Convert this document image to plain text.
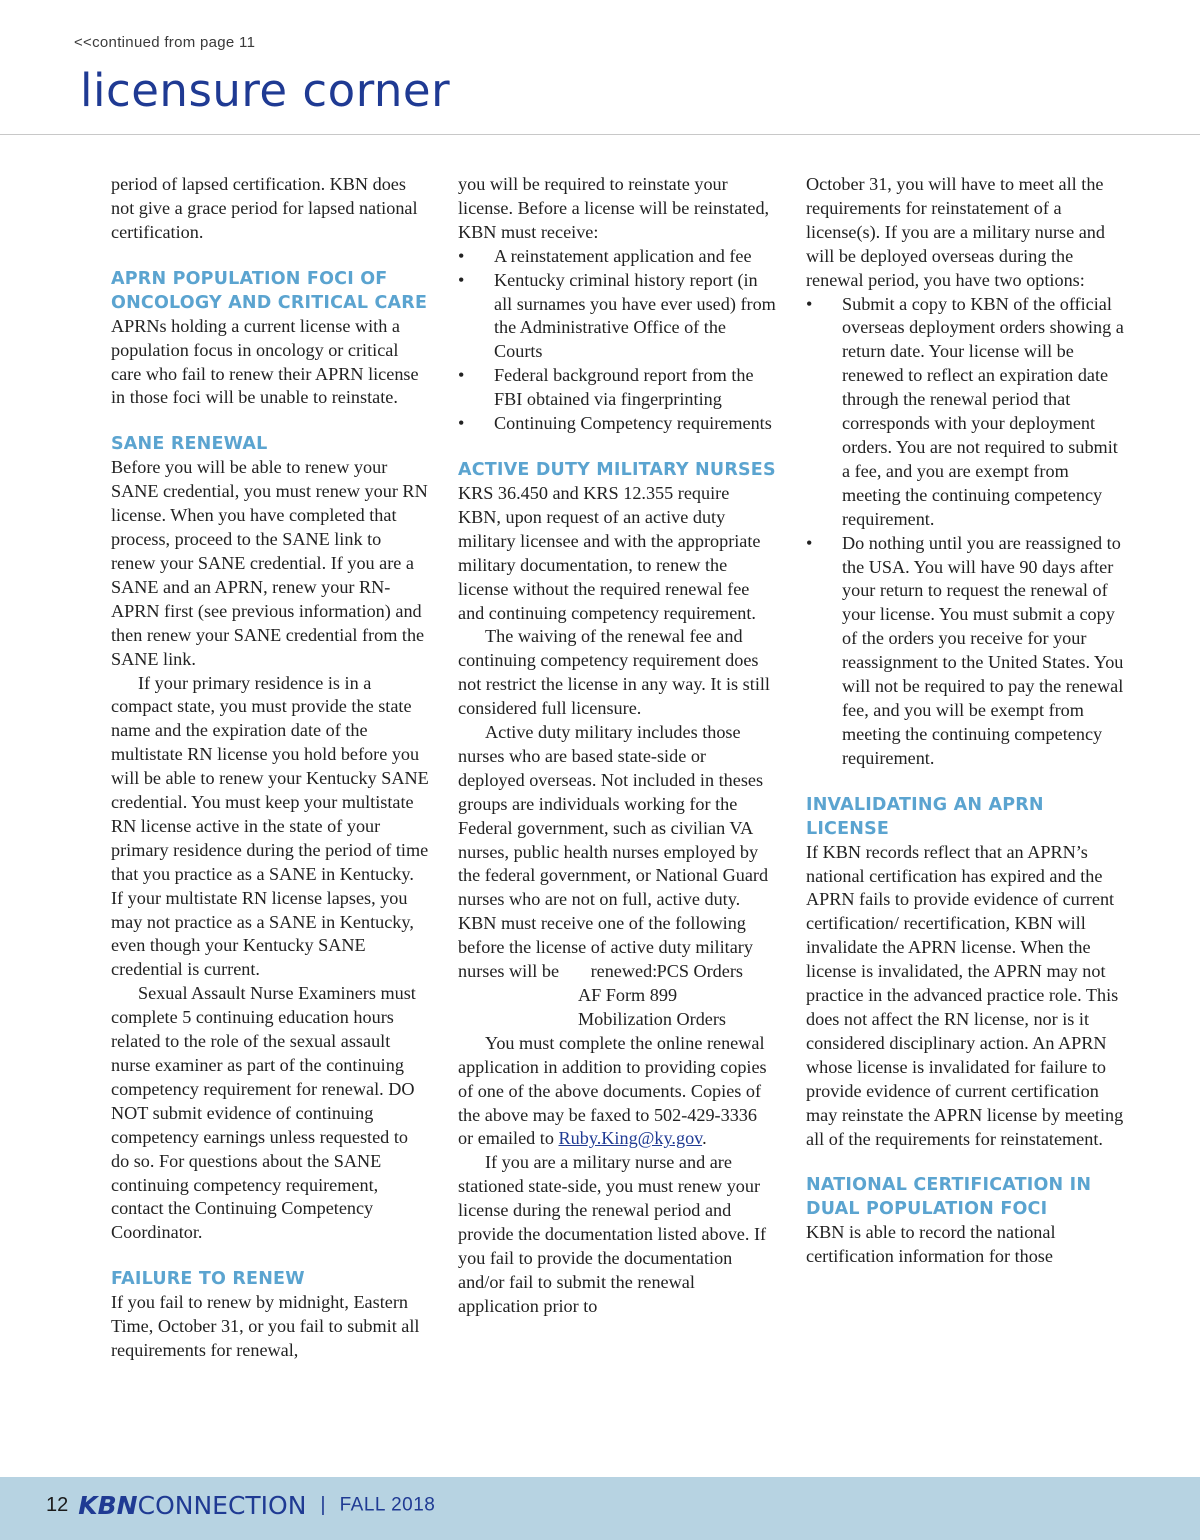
<<continued from page 11
licensure corner

period of lapsed certification. KBN does not give a grace period for lapsed national certification.

APRN POPULATION FOCI OF ONCOLOGY AND CRITICAL CARE

APRNs holding a current license with a population focus in oncology or critical care who fail to renew their APRN license in those foci will be unable to reinstate.

SANE RENEWAL

Before you will be able to renew your SANE credential, you must renew your RN license. When you have completed that process, proceed to the SANE link to renew your SANE credential. If you are a SANE and an APRN, renew your RN-APRN first (see previous information) and then renew your SANE credential from the SANE link.

If your primary residence is in a compact state, you must provide the state name and the expiration date of the multistate RN license you hold before you will be able to renew your Kentucky SANE credential. You must keep your multistate RN license active in the state of your primary residence during the period of time that you practice as a SANE in Kentucky. If your multistate RN license lapses, you may not practice as a SANE in Kentucky, even though your Kentucky SANE credential is current.

Sexual Assault Nurse Examiners must complete 5 continuing education hours related to the role of the sexual assault nurse examiner as part of the continuing competency requirement for renewal. DO NOT submit evidence of continuing competency earnings unless requested to do so. For questions about the SANE continuing competency requirement, contact the Continuing Competency Coordinator.

FAILURE TO RENEW

If you fail to renew by midnight, Eastern Time, October 31, or you fail to submit all requirements for renewal,

you will be required to reinstate your license. Before a license will be reinstated, KBN must receive:

• A reinstatement application and fee
• Kentucky criminal history report (in all surnames you have ever used) from the Administrative Office of the Courts
• Federal background report from the FBI obtained via fingerprinting
• Continuing Competency requirements
ACTIVE DUTY MILITARY NURSES

KRS 36.450 and KRS 12.355 require KBN, upon request of an active duty military licensee and with the appropriate military documentation, to renew the license without the required renewal fee and continuing competency requirement.

The waiving of the renewal fee and continuing competency requirement does not restrict the license in any way. It is still considered full licensure.

Active duty military includes those nurses who are based state-side or deployed overseas. Not included in theses groups are individuals working for the Federal government, such as civilian VA nurses, public health nurses employed by the federal government, or National Guard nurses who are not on full, active duty. KBN must receive one of the following before the license of active duty military nurses will be renewed:PCS Orders
AF Form 899
Mobilization Orders

You must complete the online renewal application in addition to providing copies of one of the above documents. Copies of the above may be faxed to 502-429-3336 or emailed to Ruby.King@ky.gov.

If you are a military nurse and are stationed state-side, you must renew your license during the renewal period and provide the documentation listed above. If you fail to provide the documentation and/or fail to submit the renewal application prior to

October 31, you will have to meet all the requirements for reinstatement of a license(s). If you are a military nurse and will be deployed overseas during the renewal period, you have two options:

• Submit a copy to KBN of the official overseas deployment orders showing a return date. Your license will be renewed to reflect an expiration date through the renewal period that corresponds with your deployment orders. You are not required to submit a fee, and you are exempt from meeting the continuing competency requirement.
• Do nothing until you are reassigned to the USA. You will have 90 days after your return to request the renewal of your license. You must submit a copy of the orders you receive for your reassignment to the United States. You will not be required to pay the renewal fee, and you will be exempt from meeting the continuing competency requirement.
INVALIDATING AN APRN LICENSE

If KBN records reflect that an APRN’s national certification has expired and the APRN fails to provide evidence of current certification/ recertification, KBN will invalidate the APRN license. When the license is invalidated, the APRN may not practice in the advanced practice role. This does not affect the RN license, nor is it considered disciplinary action. An APRN whose license is invalidated for failure to provide evidence of current certification may reinstate the APRN license by meeting all of the requirements for reinstatement.

NATIONAL CERTIFICATION IN DUAL POPULATION FOCI

KBN is able to record the national certification information for those

12 KBNCONNECTION | FALL 2018
